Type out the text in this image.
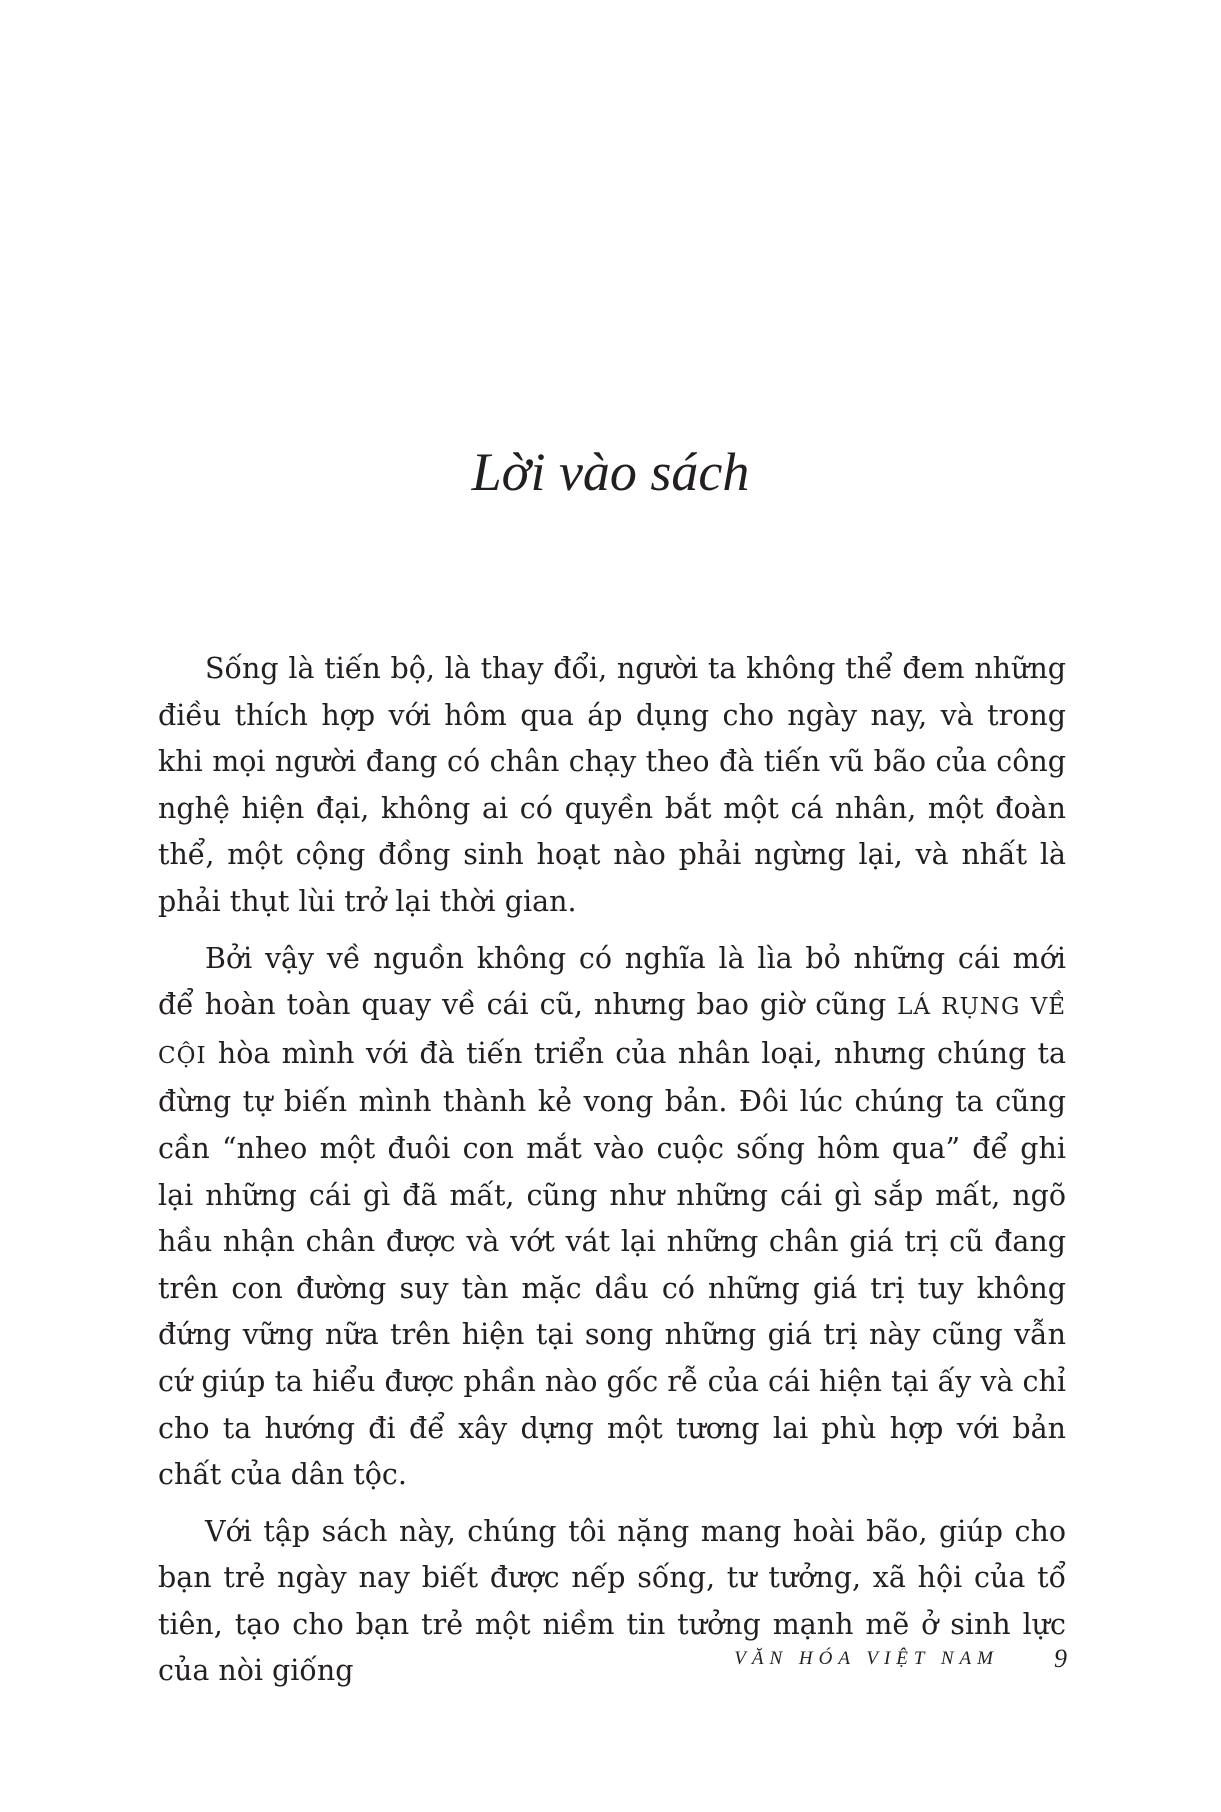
Lời vào sách

Sống là tiến bộ, là thay đổi, người ta không thể đem những điều thích hợp với hôm qua áp dụng cho ngày nay, và trong khi mọi người đang có chân chạy theo đà tiến vũ bão của công nghệ hiện đại, không ai có quyền bắt một cá nhân, một đoàn thể, một cộng đồng sinh hoạt nào phải ngừng lại, và nhất là phải thụt lùi trở lại thời gian.

Bởi vậy về nguồn không có nghĩa là lìa bỏ những cái mới để hoàn toàn quay về cái cũ, nhưng bao giờ cũng LÁ RỤNG VỀ CỘI hòa mình với đà tiến triển của nhân loại, nhưng chúng ta đừng tự biến mình thành kẻ vong bản. Đôi lúc chúng ta cũng cần “nheo một đuôi con mắt vào cuộc sống hôm qua” để ghi lại những cái gì đã mất, cũng như những cái gì sắp mất, ngõ hầu nhận chân được và vớt vát lại những chân giá trị cũ đang trên con đường suy tàn mặc dầu có những giá trị tuy không đứng vững nữa trên hiện tại song những giá trị này cũng vẫn cứ giúp ta hiểu được phần nào gốc rễ của cái hiện tại ấy và chỉ cho ta hướng đi để xây dựng một tương lai phù hợp với bản chất của dân tộc.

Với tập sách này, chúng tôi nặng mang hoài bão, giúp cho bạn trẻ ngày nay biết được nếp sống, tư tưởng, xã hội của tổ tiên, tạo cho bạn trẻ một niềm tin tưởng mạnh mẽ ở sinh lực của nòi giống	VĂN HÓA VIỆT NAM 9
